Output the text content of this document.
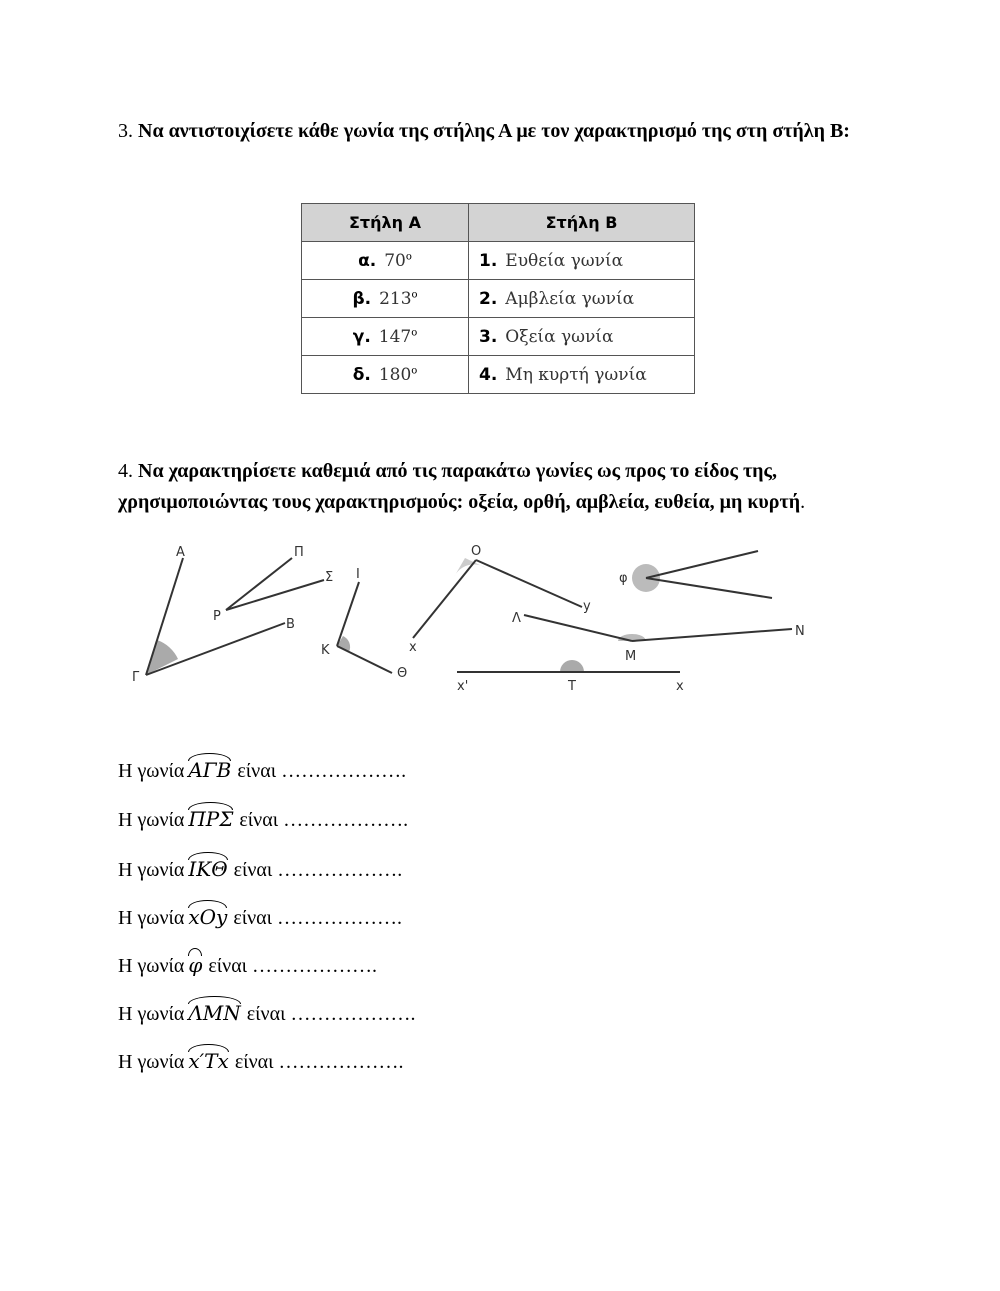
3. Να αντιστοιχίσετε κάθε γωνία της στήλης Α με τον χαρακτηρισμό της στη στήλη Β:
Στήλη Α	Στήλη Β
α. $70^o$	1. Ευθεία γωνία
β. $213^o$	2. Αμβλεία γωνία
γ. $147^o$	3. Οξεία γωνία
δ. $180^o$	4. Μη κυρτή γωνία
4. Να χαρακτηρίσετε καθεμιά από τις παρακάτω γωνίες ως προς το είδος της, χρησιμοποιώντας τους χαρακτηρισμούς: οξεία, ορθή, αμβλεία, ευθεία, μη κυρτή.
Α
Γ
Β
Π
Ρ
Σ Ι
Κ
Θ
Ο
x
y
φ
Λ
Μ
Ν
x'	Τ	x
Η γωνία ΑΓΒ είναι ……………….
Η γωνία ΠΡΣ είναι ……………….
Η γωνία ΙΚΘ είναι ……………….
Η γωνία xΟy είναι ……………….
Η γωνία φ είναι ……………….
Η γωνία ΛΜΝ είναι ……………….
Η γωνία x′Tx είναι ……………….
